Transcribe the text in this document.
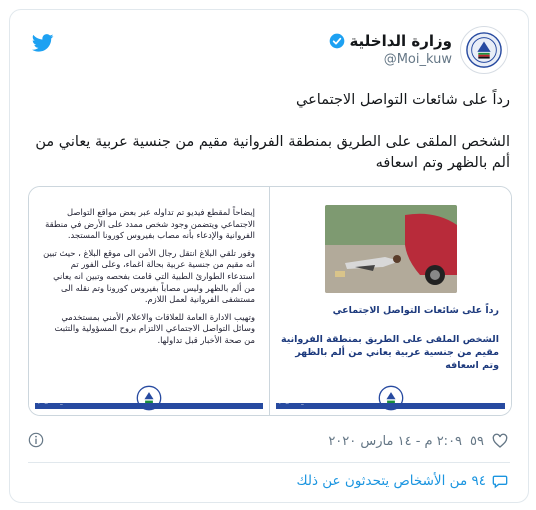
وزارة الداخلية
@Moi_kuw
رداً على شائعات التواصل الاجتماعي
الشخص الملقى على الطريق بمنطقة الفروانية مقيم من جنسية عربية يعاني من ألم بالظهر وتم اسعافه

إيضاحاً لمقطع فيديو تم تداوله عبر بعض مواقع التواصل الاجتماعي ويتضمن وجود شخص ممدد على الأرض في منطقة الفروانية والإدعاء بأنه مصاب بفيروس كورونا المستجد.

وفور تلقي البلاغ انتقل رجال الأمن الى موقع البلاغ ، حيث تبين انه مقيم من جنسية عربية بحالة اغماء، وعلى الفور تم استدعاء الطوارئ الطبية التي قامت بفحصه وتبين انه يعاني من ألم بالظهر وليس مصاباً بفيروس كورونا وتم نقله الى مستشفى الفروانية لعمل اللازم.

وتهيب الادارة العامة للعلاقات والاعلام الأمني بمستخدمي وسائل التواصل الاجتماعي الالتزام بروح المسؤولية والتثبت من صحة الأخبار قبل تداولها.

f ▶ @ MOI_KUW
رداً على شائعات التواصل الاجتماعي
الشخص الملقى على الطريق بمنطقة الفروانية مقيم من جنسية عربية يعاني من ألم بالظهر وتم اسعافه
f ▶ @ MOI_KUW
٢:٠٩ م - ١٤ مارس ٢٠٢٠ ٥٩
٩٤ من الأشخاص يتحدثون عن ذلك
